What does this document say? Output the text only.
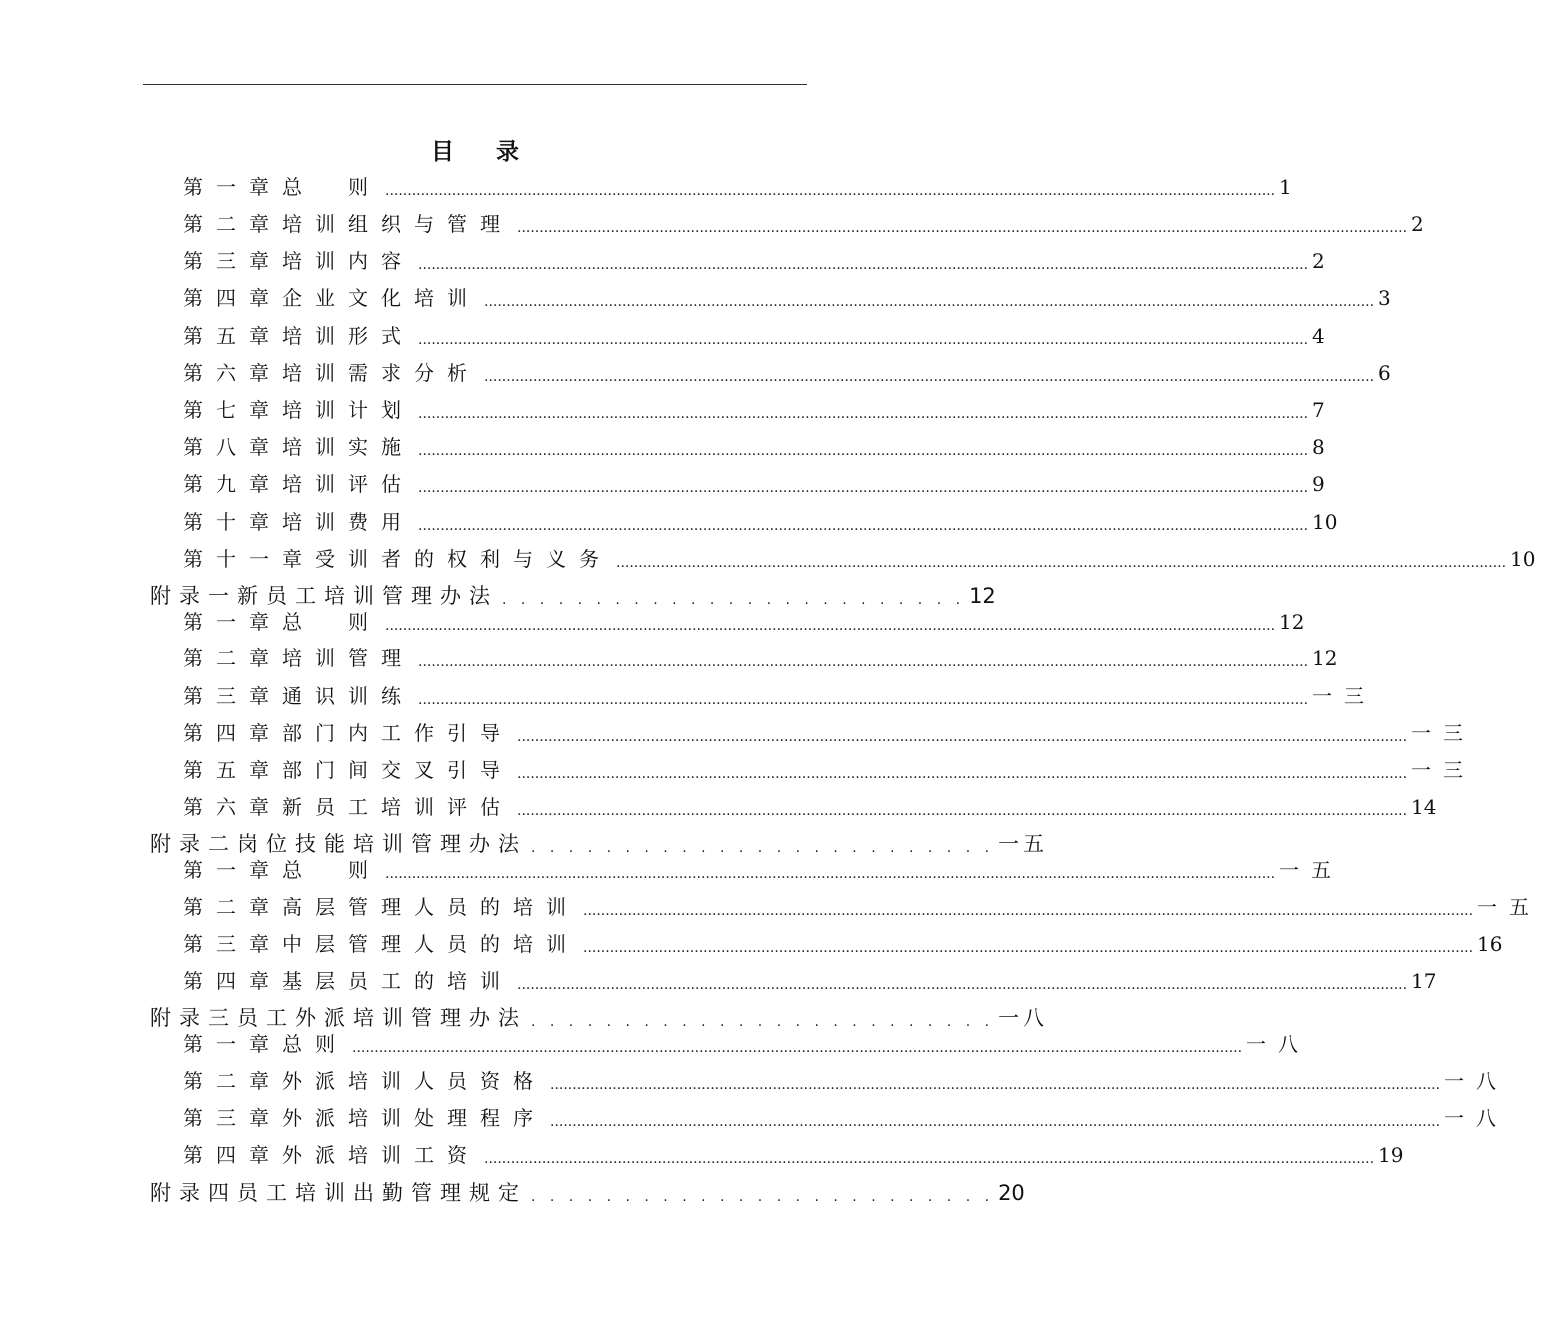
目 录
第一章 总　则 ........................................................................................................................................................................................................ 1
第二章 培训组织与管理 ........................................................................................................................................................................................................ 2
第三章 培训内容 ........................................................................................................................................................................................................ 2
第四章 企业文化培训 ........................................................................................................................................................................................................ 3
第五章 培训形式 ........................................................................................................................................................................................................ 4
第六章 培训需求分析 ........................................................................................................................................................................................................ 6
第七章 培训计划 ........................................................................................................................................................................................................ 7
第八章 培训实施 ........................................................................................................................................................................................................ 8
第九章 培训评估 ........................................................................................................................................................................................................ 9
第十章 培训费用 ........................................................................................................................................................................................................ 10
第十一章 受训者的权利与义务 ........................................................................................................................................................................................................ 10
附录一 新员工培训管理办法 . . . . . . . . . . . . . . . . . . . . . . . . . 12
第一章 总　则 ........................................................................................................................................................................................................ 12
第二章 培训管理 ........................................................................................................................................................................................................ 12
第三章 通识训练 ........................................................................................................................................................................................................ 一三
第四章 部门内工作引导 ........................................................................................................................................................................................................ 一三
第五章 部门间交叉引导 ........................................................................................................................................................................................................ 一三
第六章 新员工培训评估 ........................................................................................................................................................................................................ 14
附录二 岗位技能培训管理办法 . . . . . . . . . . . . . . . . . . . . . . . . . 一五
第一章 总　则 ........................................................................................................................................................................................................ 一五
第二章 高层管理人员的培训 ........................................................................................................................................................................................................ 一五
第三章 中层管理人员的培训 ........................................................................................................................................................................................................ 16
第四章 基层员工的培训 ........................................................................................................................................................................................................ 17
附录三 员工外派培训管理办法 . . . . . . . . . . . . . . . . . . . . . . . . . 一八
第一章 总则 ........................................................................................................................................................................................................ 一八
第二章 外派培训人员资格 ........................................................................................................................................................................................................ 一八
第三章 外派培训处理程序 ........................................................................................................................................................................................................ 一八
第四章 外派培训工资 ........................................................................................................................................................................................................ 19
附录四 员工培训出勤管理规定 . . . . . . . . . . . . . . . . . . . . . . . . . 20
